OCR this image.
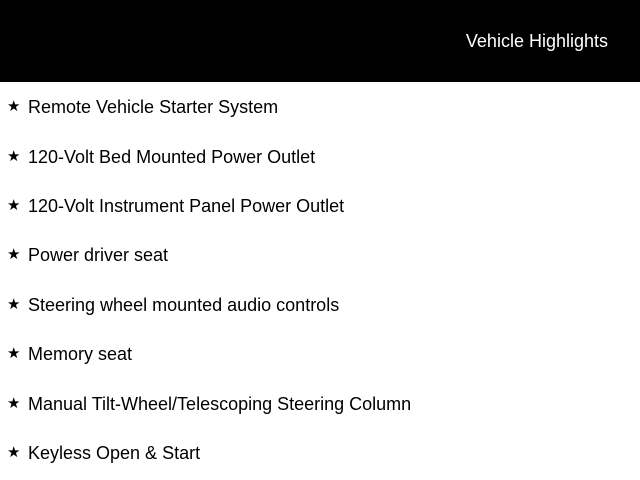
Vehicle Highlights
★ Remote Vehicle Starter System
★ 120-Volt Bed Mounted Power Outlet
★ 120-Volt Instrument Panel Power Outlet
★ Power driver seat
★ Steering wheel mounted audio controls
★ Memory seat
★ Manual Tilt-Wheel/Telescoping Steering Column
★ Keyless Open & Start
